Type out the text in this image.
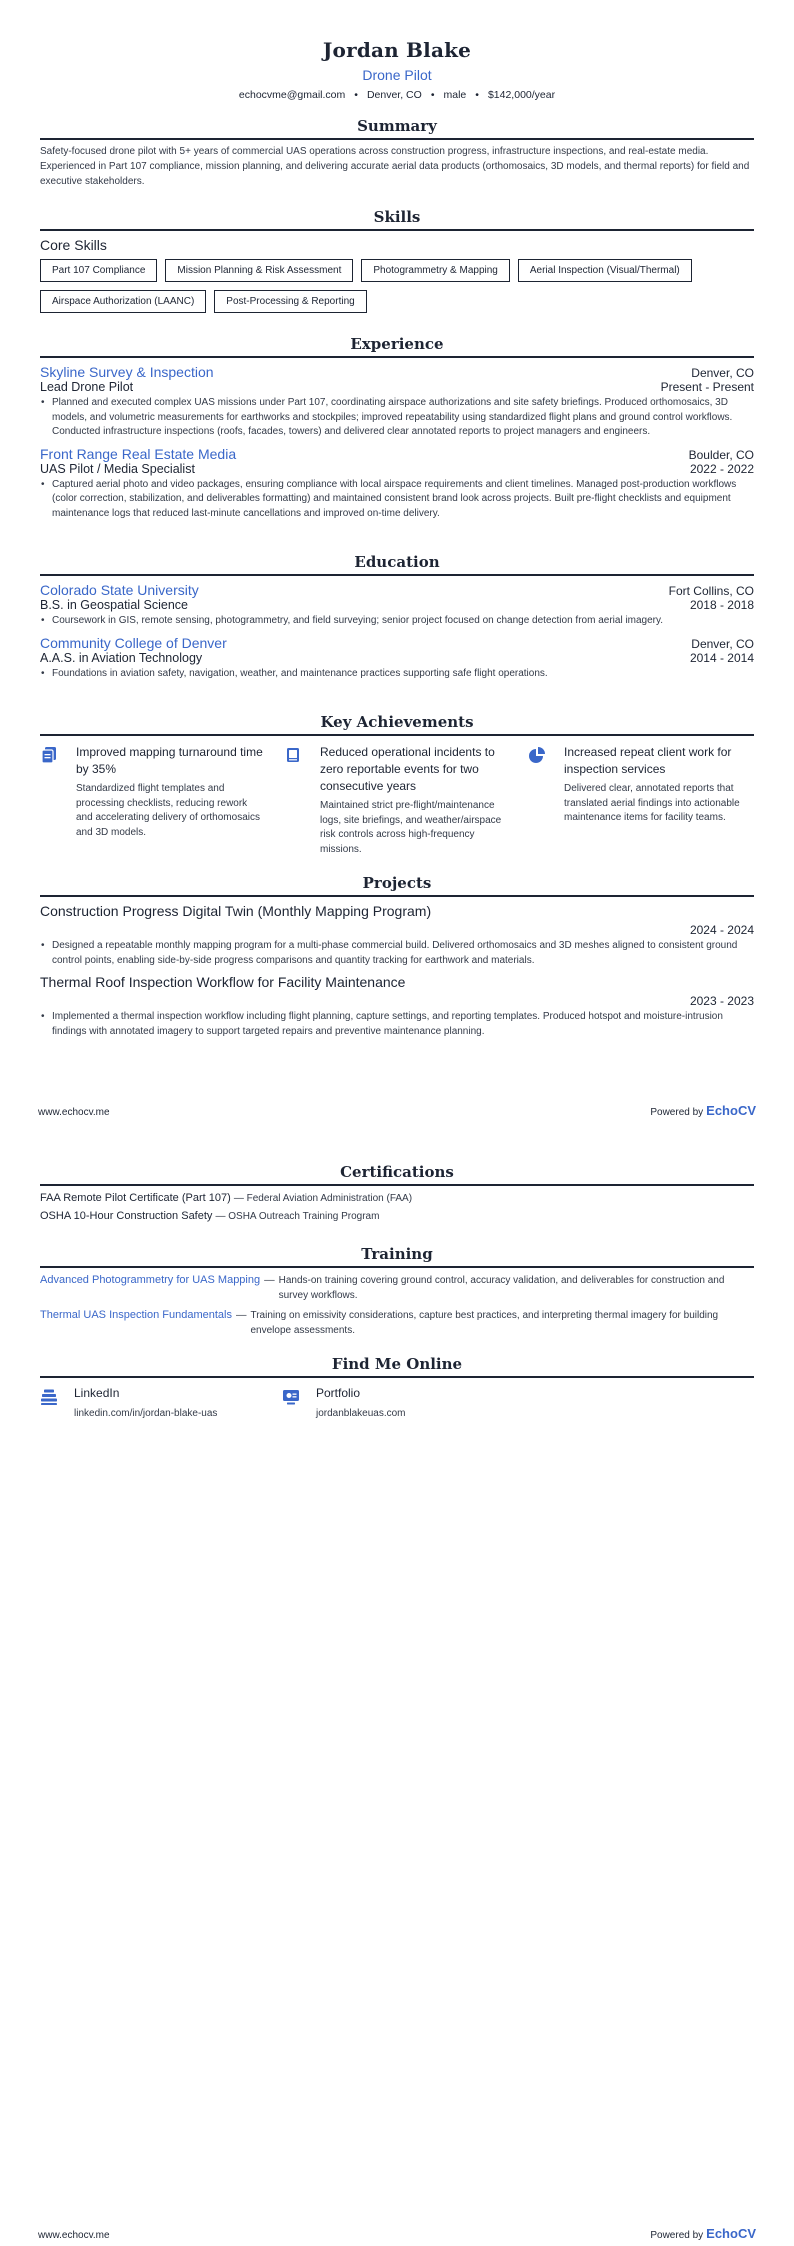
Jordan Blake
Drone Pilot
echocvme@gmail.com • Denver, CO • male • $142,000/year
Summary
Safety-focused drone pilot with 5+ years of commercial UAS operations across construction progress, infrastructure inspections, and real-estate media. Experienced in Part 107 compliance, mission planning, and delivering accurate aerial data products (orthomosaics, 3D models, and thermal reports) for field and executive stakeholders.
Skills
Core Skills
Part 107 Compliance	Mission Planning & Risk Assessment	Photogrammetry & Mapping	Aerial Inspection (Visual/Thermal)
Airspace Authorization (LAANC)	Post-Processing & Reporting
Experience
Skyline Survey & Inspection	Denver, CO
Lead Drone Pilot	Present - Present
• Planned and executed complex UAS missions under Part 107, coordinating airspace authorizations and site safety briefings. Produced orthomosaics, 3D models, and volumetric measurements for earthworks and stockpiles; improved repeatability using standardized flight plans and ground control workflows. Conducted infrastructure inspections (roofs, facades, towers) and delivered clear annotated reports to project managers and engineers.
Front Range Real Estate Media	Boulder, CO
UAS Pilot / Media Specialist	2022 - 2022
• Captured aerial photo and video packages, ensuring compliance with local airspace requirements and client timelines. Managed post-production workflows (color correction, stabilization, and deliverables formatting) and maintained consistent brand look across projects. Built pre-flight checklists and equipment maintenance logs that reduced last-minute cancellations and improved on-time delivery.
Education
Colorado State University	Fort Collins, CO
B.S. in Geospatial Science	2018 - 2018
• Coursework in GIS, remote sensing, photogrammetry, and field surveying; senior project focused on change detection from aerial imagery.
Community College of Denver	Denver, CO
A.A.S. in Aviation Technology	2014 - 2014
• Foundations in aviation safety, navigation, weather, and maintenance practices supporting safe flight operations.
Key Achievements
Improved mapping turnaround time by 35%
Standardized flight templates and processing checklists, reducing rework and accelerating delivery of orthomosaics and 3D models.
Reduced operational incidents to zero reportable events for two consecutive years
Maintained strict pre-flight/maintenance logs, site briefings, and weather/airspace risk controls across high-frequency missions.
Increased repeat client work for inspection services
Delivered clear, annotated reports that translated aerial findings into actionable maintenance items for facility teams.
Projects
Construction Progress Digital Twin (Monthly Mapping Program)
2024 - 2024
• Designed a repeatable monthly mapping program for a multi-phase commercial build. Delivered orthomosaics and 3D meshes aligned to consistent ground control points, enabling side-by-side progress comparisons and quantity tracking for earthwork and materials.
Thermal Roof Inspection Workflow for Facility Maintenance
2023 - 2023
• Implemented a thermal inspection workflow including flight planning, capture settings, and reporting templates. Produced hotspot and moisture-intrusion findings with annotated imagery to support targeted repairs and preventive maintenance planning.
www.echocv.me	Powered by EchoCV
Certifications
FAA Remote Pilot Certificate (Part 107) — Federal Aviation Administration (FAA)
OSHA 10-Hour Construction Safety — OSHA Outreach Training Program
Training
Advanced Photogrammetry for UAS Mapping — Hands-on training covering ground control, accuracy validation, and deliverables for construction and survey workflows.
Thermal UAS Inspection Fundamentals — Training on emissivity considerations, capture best practices, and interpreting thermal imagery for building envelope assessments.
Find Me Online
LinkedIn
linkedin.com/in/jordan-blake-uas
Portfolio
jordanblakeuas.com
www.echocv.me	Powered by EchoCV
